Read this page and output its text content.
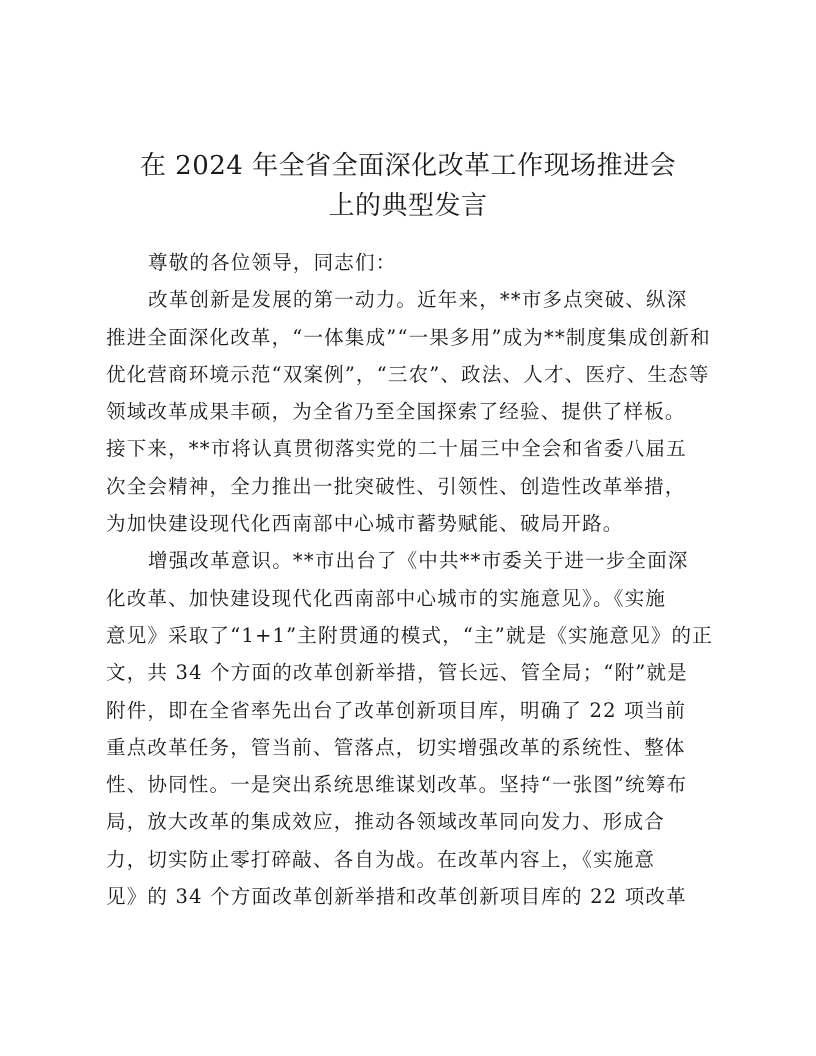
在 2024 年全省全面深化改革工作现场推进会
上的典型发言
尊敬的各位领导，同志们：
改革创新是发展的第一动力。近年来，**市多点突破、纵深
推进全面深化改革，“一体集成”“一果多用”成为**制度集成创新和
优化营商环境示范“双案例”，“三农”、政法、人才、医疗、生态等
领域改革成果丰硕，为全省乃至全国探索了经验、提供了样板。
接下来，**市将认真贯彻落实党的二十届三中全会和省委八届五
次全会精神，全力推出一批突破性、引领性、创造性改革举措，
为加快建设现代化西南部中心城市蓄势赋能、破局开路。
增强改革意识。**市出台了《中共**市委关于进一步全面深
化改革、加快建设现代化西南部中心城市的实施意见》。《实施
意见》采取了“1+1”主附贯通的模式，“主”就是《实施意见》的正
文，共 34 个方面的改革创新举措，管长远、管全局；“附”就是
附件，即在全省率先出台了改革创新项目库，明确了 22 项当前
重点改革任务，管当前、管落点，切实增强改革的系统性、整体
性、协同性。一是突出系统思维谋划改革。坚持“一张图”统筹布
局，放大改革的集成效应，推动各领域改革同向发力、形成合
力，切实防止零打碎敲、各自为战。在改革内容上，《实施意
见》的 34 个方面改革创新举措和改革创新项目库的 22 项改革
